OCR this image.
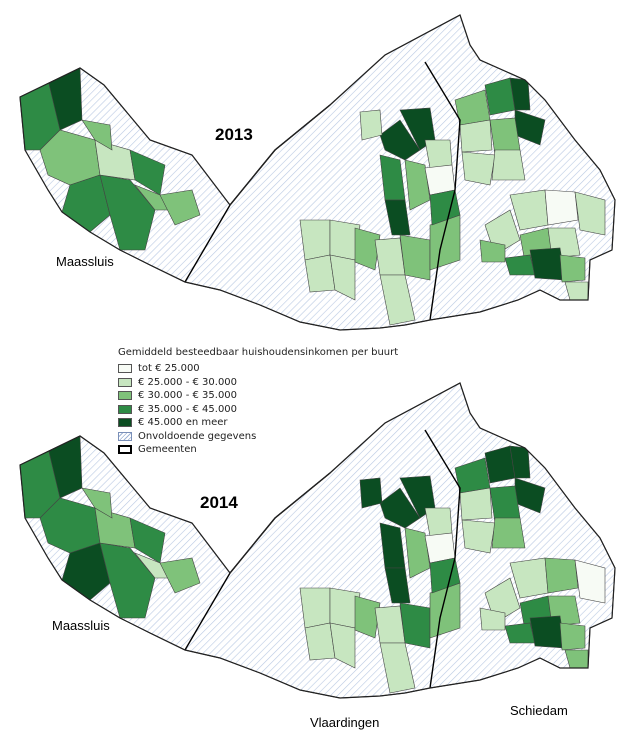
2013
2014
Maassluis
Maassluis
Vlaardingen
Schiedam
Gemiddeld besteedbaar huishoudensinkomen per buurt
tot € 25.000
€ 25.000 - € 30.000
€ 30.000 - € 35.000
€ 35.000 - € 45.000
€ 45.000 en meer
Onvoldoende gegevens
Gemeenten
